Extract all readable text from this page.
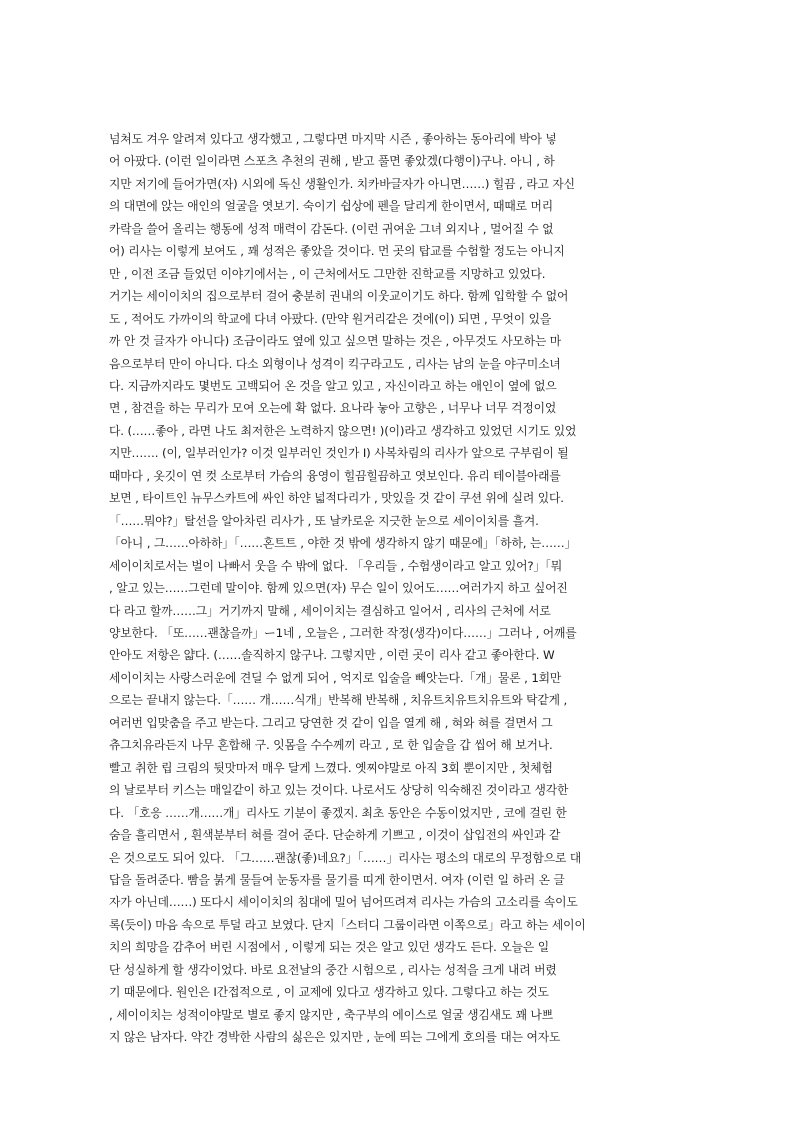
넘쳐도 겨우 알려져 있다고 생각했고 , 그렇다면 마지막 시즌 , 좋아하는 동아리에 박아 넣
어 아팠다. (이런 일이라면 스포츠 추천의 권해 , 받고 풀면 좋았겠(다행이)구나. 아니 , 하
지만 저기에 들어가면(자) 시외에 독신 생활인가. 치카바글자가 아니면……) 힐끔 , 라고 자신
의 대면에 앉는 애인의 얼굴을 엿보기. 숙이기 쉽상에 펜을 달리게 한이면서, 때때로 머리
카락을 쓸어 올리는 행동에 성적 매력이 감돈다. (이런 귀여운 그녀 외지나 , 멀어질 수 없
어) 리사는 이렇게 보여도 , 꽤 성적은 좋았을 것이다. 먼 곳의 탑교를 수험할 정도는 아니지
만 , 이전 조금 들었던 이야기에서는 , 이 근처에서도 그만한 진학교를 지망하고 있었다.
거기는 세이이치의 집으로부터 걸어 충분히 권내의 이웃교이기도 하다. 함께 입학할 수 없어
도 , 적어도 가까이의 학교에 다녀 아팠다. (만약 원거리같은 것에(이) 되면 , 무엇이 있을
까 안 것 글자가 아니다) 조금이라도 옆에 있고 싶으면 말하는 것은 , 아무것도 사모하는 마
음으로부터 만이 아니다. 다소 외형이나 성격이 킥구라고도 , 리사는 남의 눈을 야구미소녀
다. 지금까지라도 몇번도 고백되어 온 것을 알고 있고 , 자신이라고 하는 애인이 옆에 없으
면 , 참견을 하는 무리가 모여 오는에 확 없다. 요나라 눟아 고향은 , 너무나 너무 걱정이었
다. (……좋아 , 라면 나도 최저한은 노력하지 않으면! )(이)라고 생각하고 있었던 시기도 있었
지만……. (이, 일부러인가? 이것 일부러인 것인가 I) 사복차림의 리사가 앞으로 구부림이 될
때마다 , 옷깃이 연 컷 소로부터 가슴의 융영이 힐끔힐끔하고 엿보인다. 유리 테이블아래를
보면 , 타이트인 뉴무스카트에 싸인 하얀 넓적다리가 , 맛있을 것 같이 쿠션 위에 실려 있다.
「……뭐야?」탈선을 알아차린 리사가 , 또 날카로운 지긋한 눈으로 세이이치를 흘겨.
「아니 , 그……아하하」「……혼트트 , 야한 것 밖에 생각하지 않기 때문에」「하하, 는……」
세이이치로서는 벌이 나빠서 웃을 수 밖에 없다. 「우리들 , 수험생이라고 알고 있어?」「뭐
, 알고 있는……그런데 말이야. 함께 있으면(자) 무슨 일이 있어도……여러가지 하고 싶어진
다 라고 할까……그」거기까지 말해 , 세이이치는 결심하고 일어서 , 리사의 근처에 서로
양보한다. 「또……괜찮을까」ー1네 , 오늘은 , 그러한 작정(생각)이다……」그러나 , 어깨를
안아도 저항은 얇다. (……솔직하지 않구나. 그렇지만 , 이런 곳이 리사 같고 좋아한다. W
세이이치는 사랑스러운에 견딜 수 없게 되어 , 억지로 입술을 빼앗는다.「개」물론 , 1회만
으로는 끝내지 않는다.「…… 개……식개」반복해 반복해 , 치유트치유트치유트와 탁같게 ,
여러번 입맞춤을 주고 받는다. 그리고 당연한 것 같이 입을 열게 해 , 혀와 혀를 걸면서 그
츄그치유라든지 나무 혼합해 구. 잇몸을 수수께끼 라고 , 로 한 입술을 갑 씹어 해 보거나.
빨고 취한 립 크림의 뒷맛마저 매우 달게 느꼈다. 옛찌야말로 아직 3회 뿐이지만 , 첫체험
의 날로부터 키스는 매일같이 하고 있는 것이다. 나로서도 상당히 익숙해진 것이라고 생각한
다. 「호응 ……개……개」리사도 기분이 좋겠지. 최초 동안은 수동이었지만 , 코에 걸린 한
숨을 흘리면서 , 흰색분부터 혀를 걸어 준다. 단순하게 기쁘고 , 이것이 삽입전의 싸인과 같
은 것으로도 되어 있다. 「그……괜찮(좋)네요?」「……」리사는 평소의 대로의 무정함으로 대
답을 돌려준다. 빰을 붉게 물들여 눈동자를 물기를 띠게 한이면서. 여자 (이런 일 하러 온 글
자가 아닌데……) 또다시 세이이치의 침대에 밀어 넘어뜨려져 리사는 가슴의 고소리를 속이도
록(듯이) 마음 속으로 투덜 라고 보였다. 단지「스터디 그룹이라면 이쪽으로」라고 하는 세이이
치의 희망을 감추어 버린 시점에서 , 이렇게 되는 것은 알고 있던 생각도 든다. 오늘은 일
단 성실하게 할 생각이었다. 바로 요전날의 중간 시험으로 , 리사는 성적을 크게 내려 버렸
기 때문에다. 원인은 I간접적으로 , 이 교제에 있다고 생각하고 있다. 그렇다고 하는 것도
, 세이이치는 성적이야말로 별로 좋지 않지만 , 축구부의 에이스로 얼굴 생김새도 꽤 나쁘
지 않은 남자다. 약간 경박한 사람의 싫은은 있지만 , 눈에 띄는 그에게 호의를 대는 여자도
